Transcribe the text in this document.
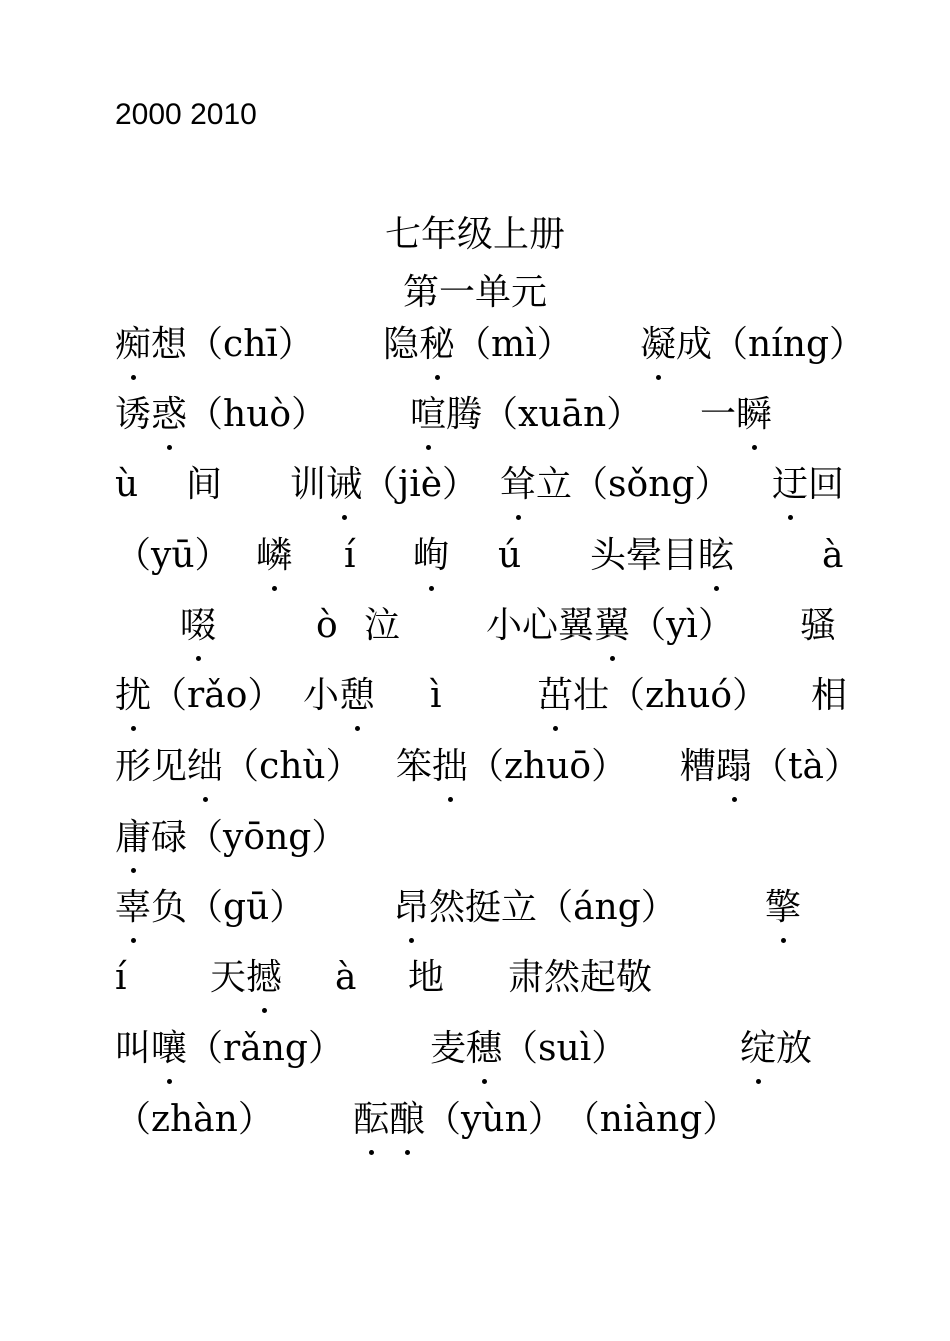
2000 2010
七年级上册
第一单元
痴想（chī） 隐秘（mì） 凝成（níng）
诱惑（huò） 喧腾（xuān） 一瞬
ù 间 训诫（jiè） 耸立（sǒng） 迂回
（yū） 嶙 í 峋 ú 头晕目眩 à
啜	ò 泣 小心翼翼（yì） 骚
扰（rǎo） 小憩 ì	茁壮（zhuó） 相
形见绌（chù） 笨拙（zhuō） 糟蹋（tà）
庸碌（yōng）
辜负（gū） 昂然挺立（áng） 擎
í 天撼 à 地 肃然起敬
叫嚷（rǎng） 麦穗（suì）	绽放
（zhàn） 酝酿（yùn）（niàng）
